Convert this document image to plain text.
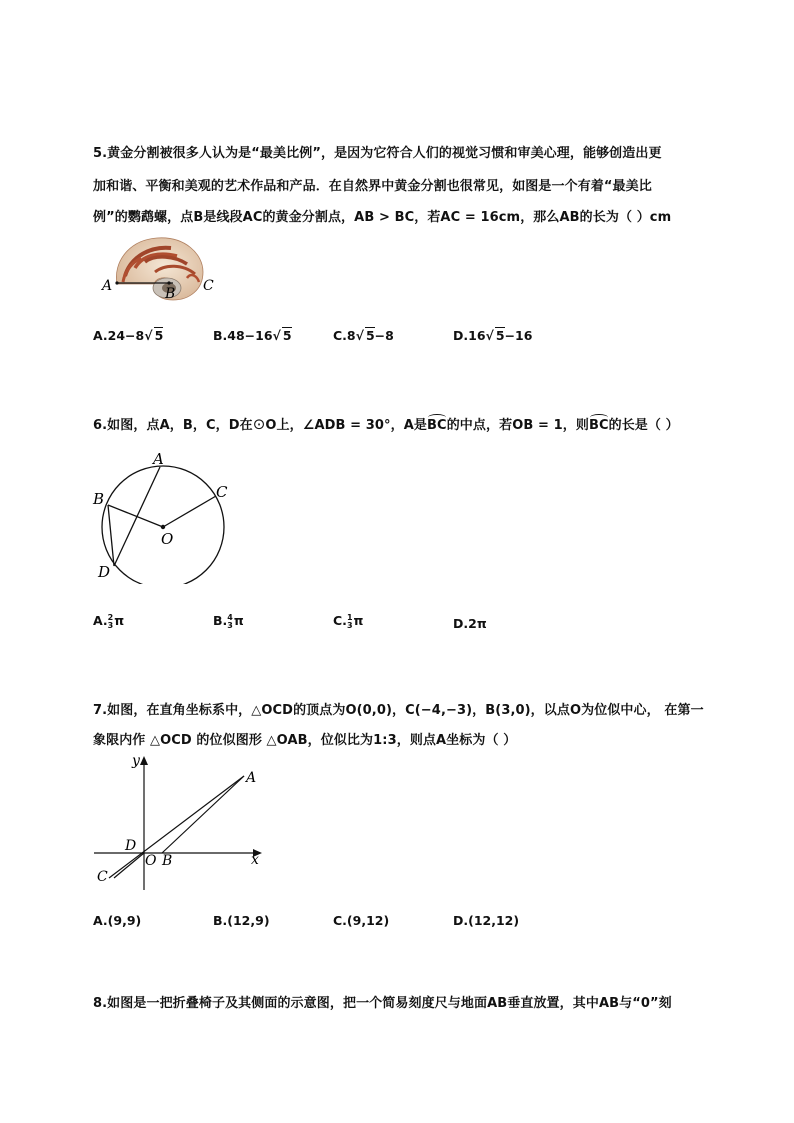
5.黄金分割被很多人认为是“最美比例”，是因为它符合人们的视觉习惯和审美心理，能够创造出更
加和谐、平衡和美观的艺术作品和产品．在自然界中黄金分割也很常见，如图是一个有着“最美比
例”的鹦鹉螺，点B是线段AC的黄金分割点，AB > BC，若AC = 16cm，那么AB的长为（ ）cm
A	B C
A.24−8√ 5	B.48−16√ 5	C.8√ 5−8	D.16√ 5−16
6.如图，点A，B，C，D在⊙O上，∠ADB = 30°，A是BC的中点，若OB = 1，则BC的长是（ ）
A
B	C
D
O
A. 2
3 π	B. 4
3 π	C. 1
3 π	D.2π
7.如图，在直角坐标系中，△OCD的顶点为O(0,0)，C(−4,−3)，B(3,0)，以点O为位似中心， 在第一
象限内作 △OCD 的位似图形 △OAB，位似比为1:3，则点A坐标为（ ）
y
x
A
B
C
D
O
A.(9,9)	B.(12,9)	C.(9,12)	D.(12,12)
8.如图是一把折叠椅子及其侧面的示意图，把一个简易刻度尺与地面AB垂直放置，其中AB与“0”刻
